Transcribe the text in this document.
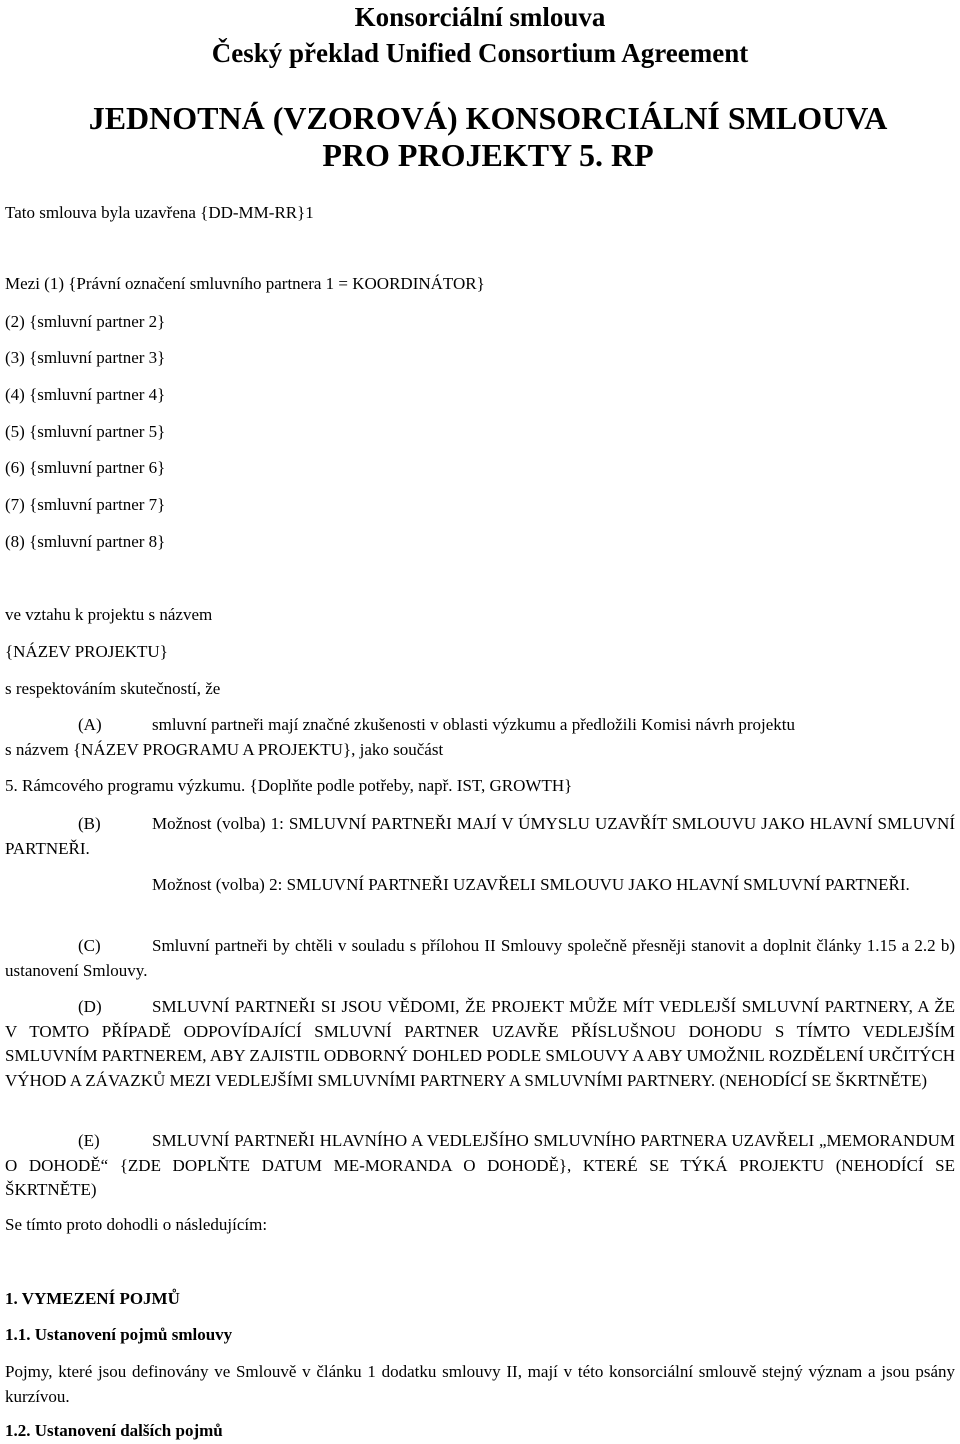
Konsorciální smlouva
Český překlad Unified Consortium Agreement
JEDNOTNÁ (VZOROVÁ) KONSORCIÁLNÍ SMLOUVA
PRO PROJEKTY 5. RP
Tato smlouva byla uzavřena {DD-MM-RR}1
Mezi (1) {Právní označení smluvního partnera 1 = KOORDINÁTOR}
(2) {smluvní partner 2}
(3) {smluvní partner 3}
(4) {smluvní partner 4}
(5) {smluvní partner 5}
(6) {smluvní partner 6}
(7) {smluvní partner 7}
(8) {smluvní partner 8}
ve vztahu k projektu s názvem
{NÁZEV PROJEKTU}
s respektováním skutečností, že
(A)	smluvní partneři mají značné zkušenosti v oblasti výzkumu a předložili Komisi návrh projektu
s názvem {NÁZEV PROGRAMU A PROJEKTU}, jako součást
5. Rámcového programu výzkumu. {Doplňte podle potřeby, např. IST, GROWTH}
(B)	Možnost (volba) 1: SMLUVNÍ PARTNEŘI MAJÍ V ÚMYSLU UZAVŘÍT SMLOUVU JAKO HLAVNÍ SMLUVNÍ PARTNEŘI.
Možnost (volba) 2: SMLUVNÍ PARTNEŘI UZAVŘELI SMLOUVU JAKO HLAVNÍ SMLUVNÍ PARTNEŘI.
(C)	Smluvní partneři by chtěli v souladu s přílohou II Smlouvy společně přesněji stanovit a doplnit články 1.15 a 2.2 b) ustanovení Smlouvy.
(D)	SMLUVNÍ PARTNEŘI SI JSOU VĚDOMI, ŽE PROJEKT MŮŽE MÍT VEDLEJŠÍ SMLUVNÍ PARTNERY, A ŽE V TOMTO PŘÍPADĚ ODPOVÍDAJÍCÍ SMLUVNÍ PARTNER UZAVŘE PŘÍSLUŠNOU DOHODU S TÍMTO VEDLEJŠÍM SMLUVNÍM PARTNEREM, ABY ZAJISTIL ODBORNÝ DOHLED PODLE SMLOUVY A ABY UMOŽNIL ROZDĚLENÍ URČITÝCH VÝHOD A ZÁVAZKŮ MEZI VEDLEJŠÍMI SMLUVNÍMI PARTNERY A SMLUVNÍMI PARTNERY. (NEHODÍCÍ SE ŠKRTNĚTE)
(E)	SMLUVNÍ PARTNEŘI HLAVNÍHO A VEDLEJŠÍHO SMLUVNÍHO PARTNERA UZAVŘELI „MEMORANDUM O DOHODĚ“ {ZDE DOPLŇTE DATUM ME-MORANDA O DOHODĚ}, KTERÉ SE TÝKÁ PROJEKTU (NEHODÍCÍ SE ŠKRTNĚTE)
Se tímto proto dohodli o následujícím:
1. VYMEZENÍ POJMŮ
1.1. Ustanovení pojmů smlouvy
Pojmy, které jsou definovány ve Smlouvě v článku 1 dodatku smlouvy II, mají v této konsorciální smlouvě stejný význam a jsou psány kurzívou.
1.2. Ustanovení dalších pojmů
